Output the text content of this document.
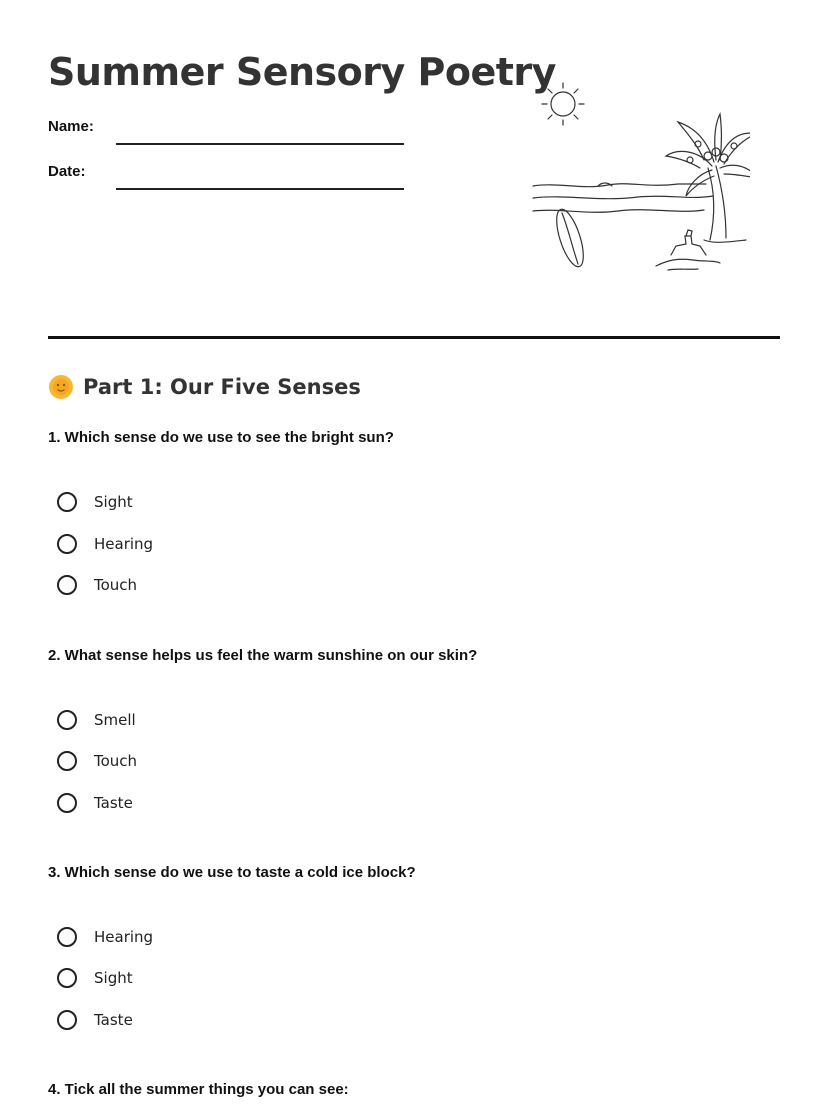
Summer Sensory Poetry
Name:
Date:
Part 1: Our Five Senses

1. Which sense do we use to see the bright sun?

Sight
Hearing
Touch

2. What sense helps us feel the warm sunshine on our skin?

Smell
Touch
Taste

3. Which sense do we use to taste a cold ice block?

Hearing
Sight
Taste

4. Tick all the summer things you can see:
